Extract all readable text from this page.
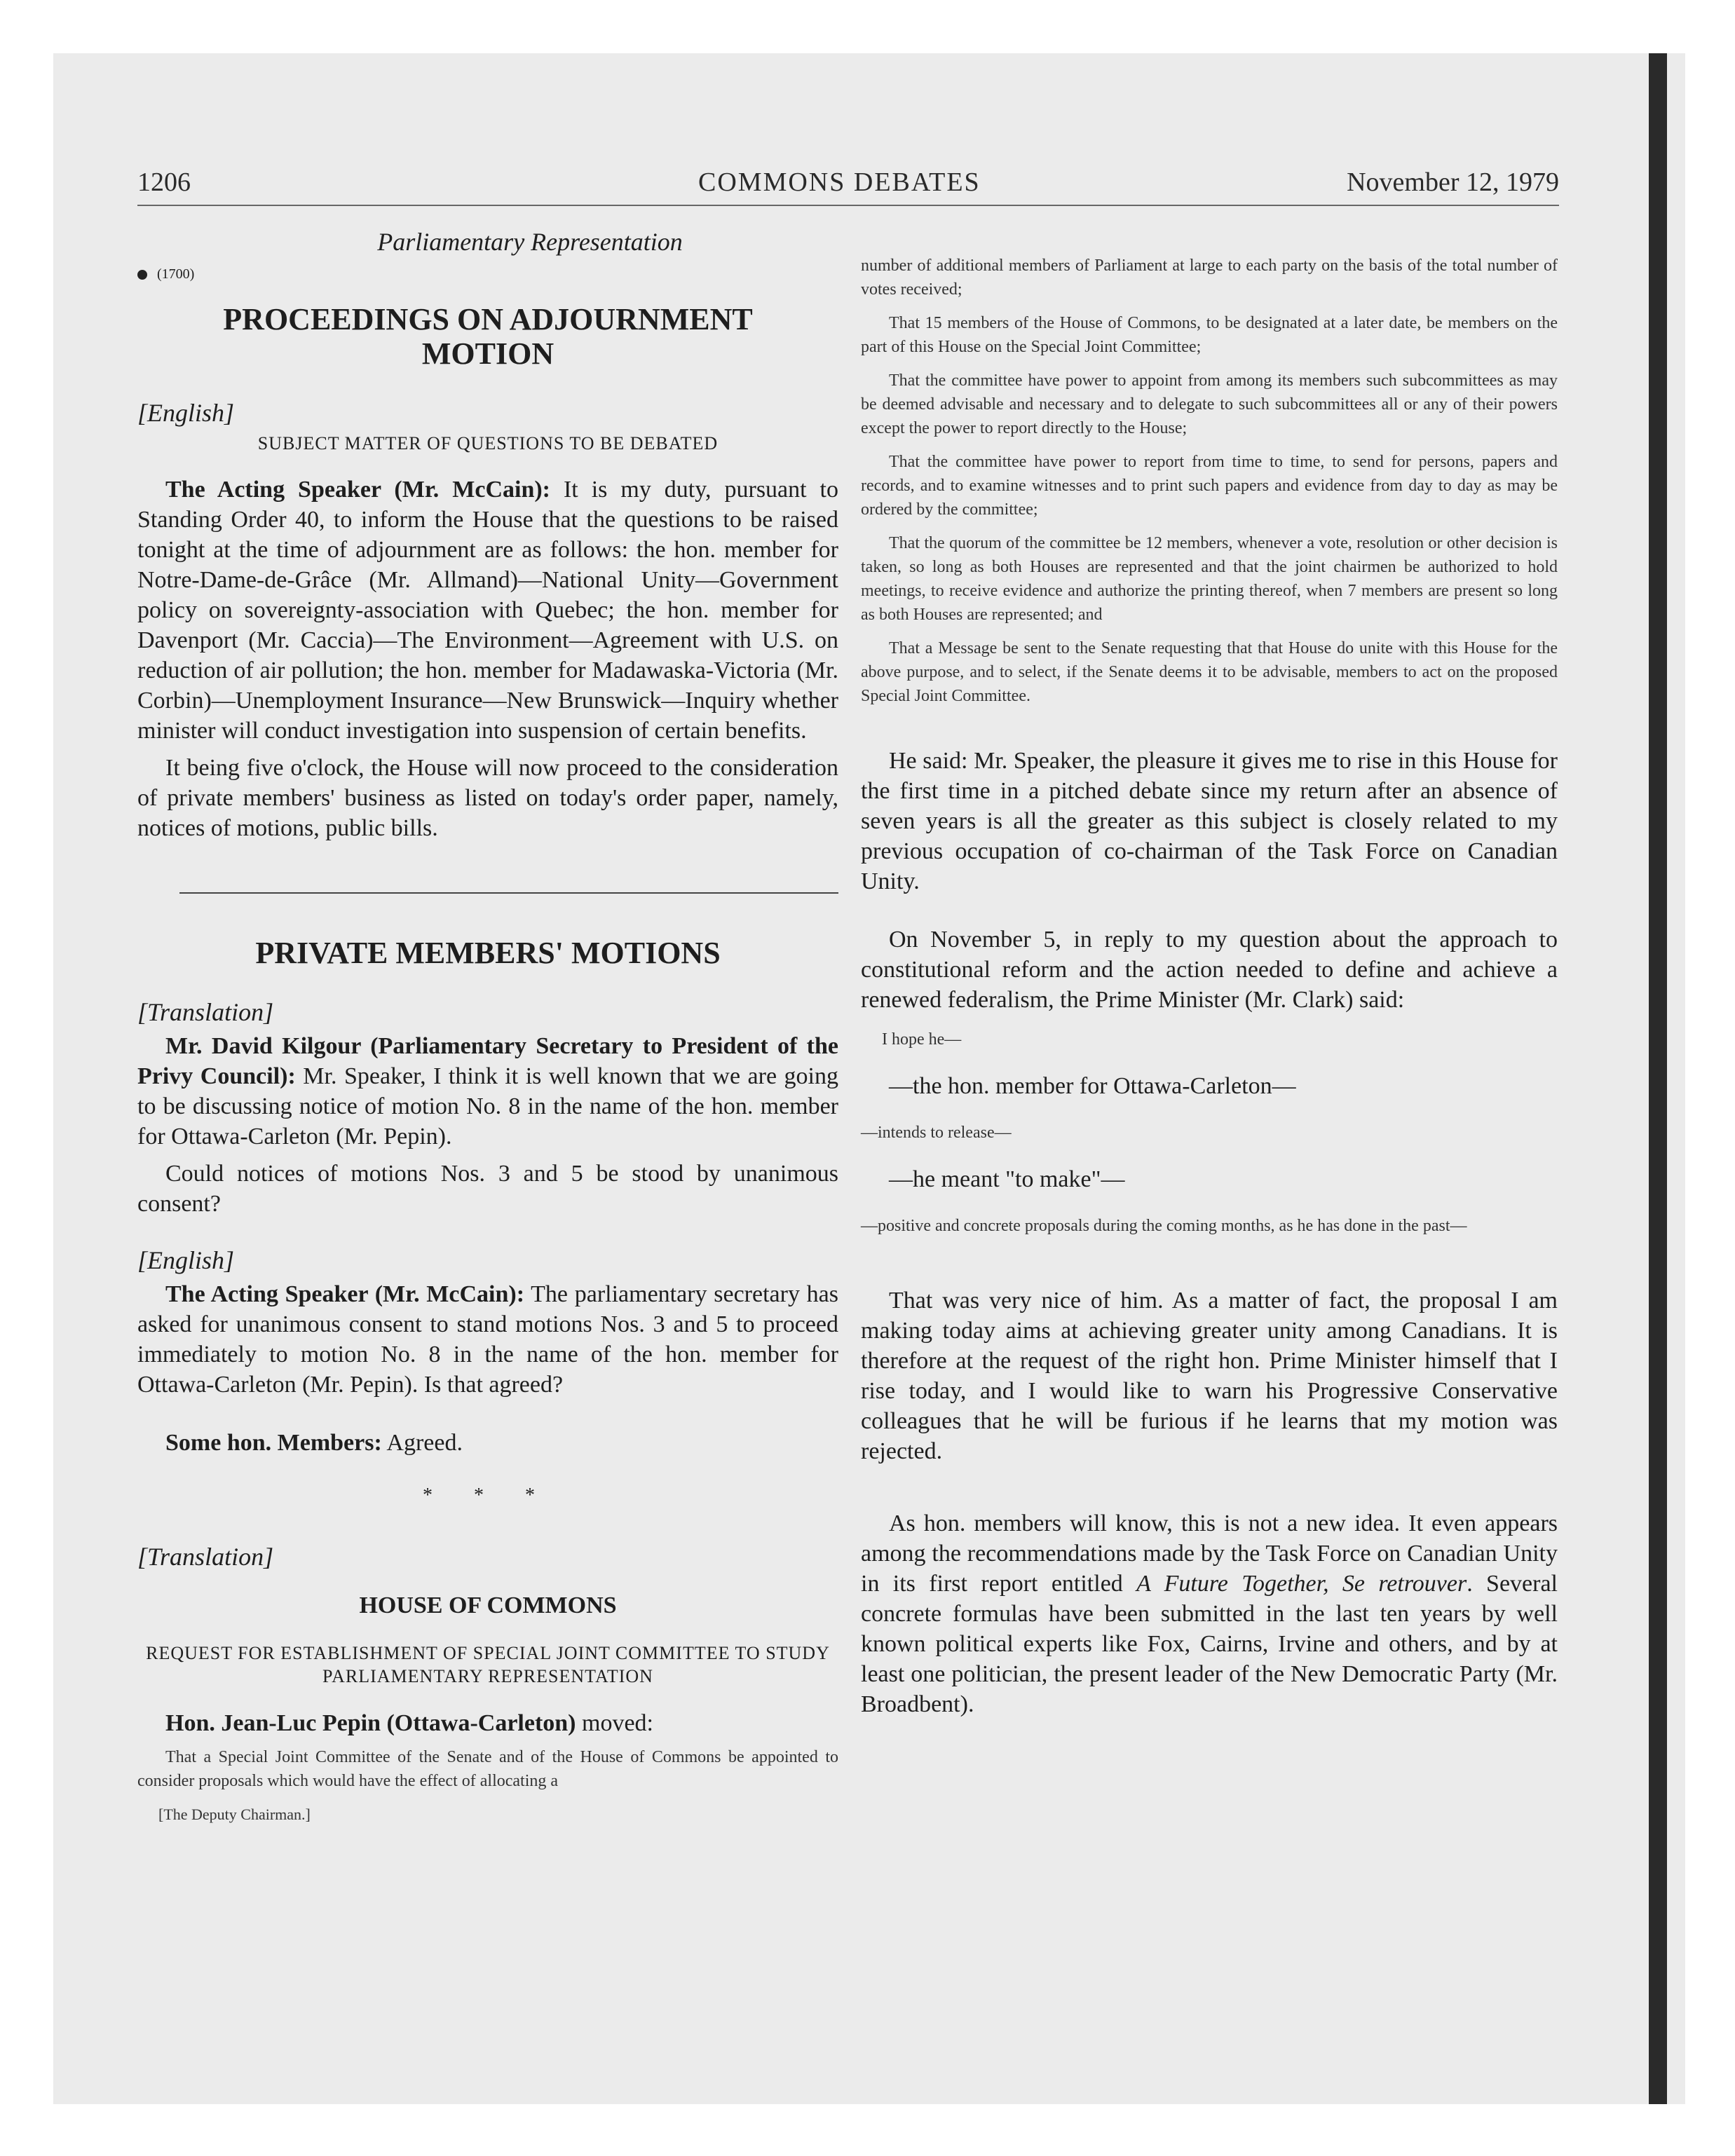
1206	COMMONS DEBATES	November 12, 1979
Parliamentary Representation
(1700)
PROCEEDINGS ON ADJOURNMENT MOTION
[English]
SUBJECT MATTER OF QUESTIONS TO BE DEBATED

The Acting Speaker (Mr. McCain): It is my duty, pursuant to Standing Order 40, to inform the House that the questions to be raised tonight at the time of adjournment are as follows: the hon. member for Notre-Dame-de-Grâce (Mr. Allmand)—National Unity—Government policy on sovereignty-association with Quebec; the hon. member for Davenport (Mr. Caccia)—The Environment—Agreement with U.S. on reduction of air pollution; the hon. member for Madawaska-Victoria (Mr. Corbin)—Unemployment Insurance—New Brunswick—Inquiry whether minister will conduct investigation into suspension of certain benefits.

It being five o'clock, the House will now proceed to the consideration of private members' business as listed on today's order paper, namely, notices of motions, public bills.

PRIVATE MEMBERS' MOTIONS
[Translation]

Mr. David Kilgour (Parliamentary Secretary to President of the Privy Council): Mr. Speaker, I think it is well known that we are going to be discussing notice of motion No. 8 in the name of the hon. member for Ottawa-Carleton (Mr. Pepin).

Could notices of motions Nos. 3 and 5 be stood by unanimous consent?

[English]

The Acting Speaker (Mr. McCain): The parliamentary secretary has asked for unanimous consent to stand motions Nos. 3 and 5 to proceed immediately to motion No. 8 in the name of the hon. member for Ottawa-Carleton (Mr. Pepin). Is that agreed?

Some hon. Members: Agreed.

* * *
[Translation]
HOUSE OF COMMONS
REQUEST FOR ESTABLISHMENT OF SPECIAL JOINT COMMITTEE TO STUDY PARLIAMENTARY REPRESENTATION

Hon. Jean-Luc Pepin (Ottawa-Carleton) moved:

That a Special Joint Committee of the Senate and of the House of Commons be appointed to consider proposals which would have the effect of allocating a

[The Deputy Chairman.]

number of additional members of Parliament at large to each party on the basis of the total number of votes received;

That 15 members of the House of Commons, to be designated at a later date, be members on the part of this House on the Special Joint Committee;

That the committee have power to appoint from among its members such subcommittees as may be deemed advisable and necessary and to delegate to such subcommittees all or any of their powers except the power to report directly to the House;

That the committee have power to report from time to time, to send for persons, papers and records, and to examine witnesses and to print such papers and evidence from day to day as may be ordered by the committee;

That the quorum of the committee be 12 members, whenever a vote, resolution or other decision is taken, so long as both Houses are represented and that the joint chairmen be authorized to hold meetings, to receive evidence and authorize the printing thereof, when 7 members are present so long as both Houses are represented; and

That a Message be sent to the Senate requesting that that House do unite with this House for the above purpose, and to select, if the Senate deems it to be advisable, members to act on the proposed Special Joint Committee.

He said: Mr. Speaker, the pleasure it gives me to rise in this House for the first time in a pitched debate since my return after an absence of seven years is all the greater as this subject is closely related to my previous occupation of co-chairman of the Task Force on Canadian Unity.

On November 5, in reply to my question about the approach to constitutional reform and the action needed to define and achieve a renewed federalism, the Prime Minister (Mr. Clark) said:

I hope he—

—the hon. member for Ottawa-Carleton—

—intends to release—

—he meant "to make"—

—positive and concrete proposals during the coming months, as he has done in the past—

That was very nice of him. As a matter of fact, the proposal I am making today aims at achieving greater unity among Canadians. It is therefore at the request of the right hon. Prime Minister himself that I rise today, and I would like to warn his Progressive Conservative colleagues that he will be furious if he learns that my motion was rejected.

As hon. members will know, this is not a new idea. It even appears among the recommendations made by the Task Force on Canadian Unity in its first report entitled A Future Together, Se retrouver. Several concrete formulas have been submitted in the last ten years by well known political experts like Fox, Cairns, Irvine and others, and by at least one politician, the present leader of the New Democratic Party (Mr. Broadbent).
